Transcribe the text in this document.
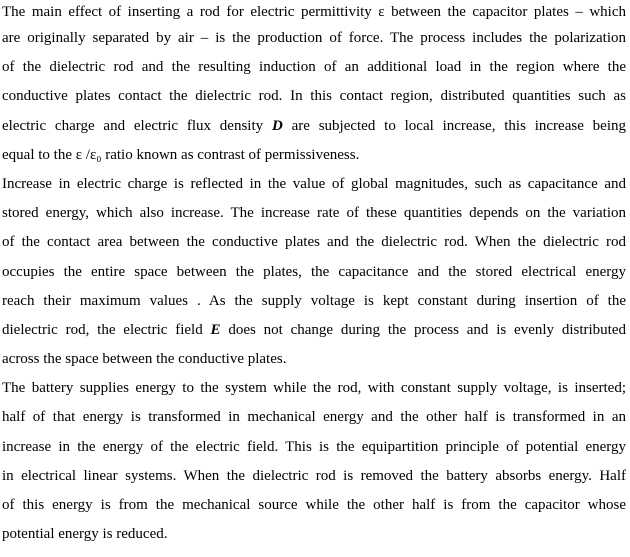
The main effect of inserting a rod for electric permittivity ε between the capacitor plates – which
are originally separated by air – is the production of force. The process includes the polarization
of the dielectric rod and the resulting induction of an additional load in the region where the
conductive plates contact the dielectric rod. In this contact region, distributed quantities such as
electric charge and electric flux density D are subjected to local increase, this increase being
equal to the ε /ε₀ ratio known as contrast of permissiveness.
Increase in electric charge is reflected in the value of global magnitudes, such as capacitance and
stored energy, which also increase. The increase rate of these quantities depends on the variation
of the contact area between the conductive plates and the dielectric rod. When the dielectric rod
occupies the entire space between the plates, the capacitance and the stored electrical energy
reach their maximum values . As the supply voltage is kept constant during insertion of the
dielectric rod, the electric field E does not change during the process and is evenly distributed
across the space between the conductive plates.
The battery supplies energy to the system while the rod, with constant supply voltage, is inserted;
half of that energy is transformed in mechanical energy and the other half is transformed in an
increase in the energy of the electric field. This is the equipartition principle of potential energy
in electrical linear systems. When the dielectric rod is removed the battery absorbs energy. Half
of this energy is from the mechanical source while the other half is from the capacitor whose
potential energy is reduced.
